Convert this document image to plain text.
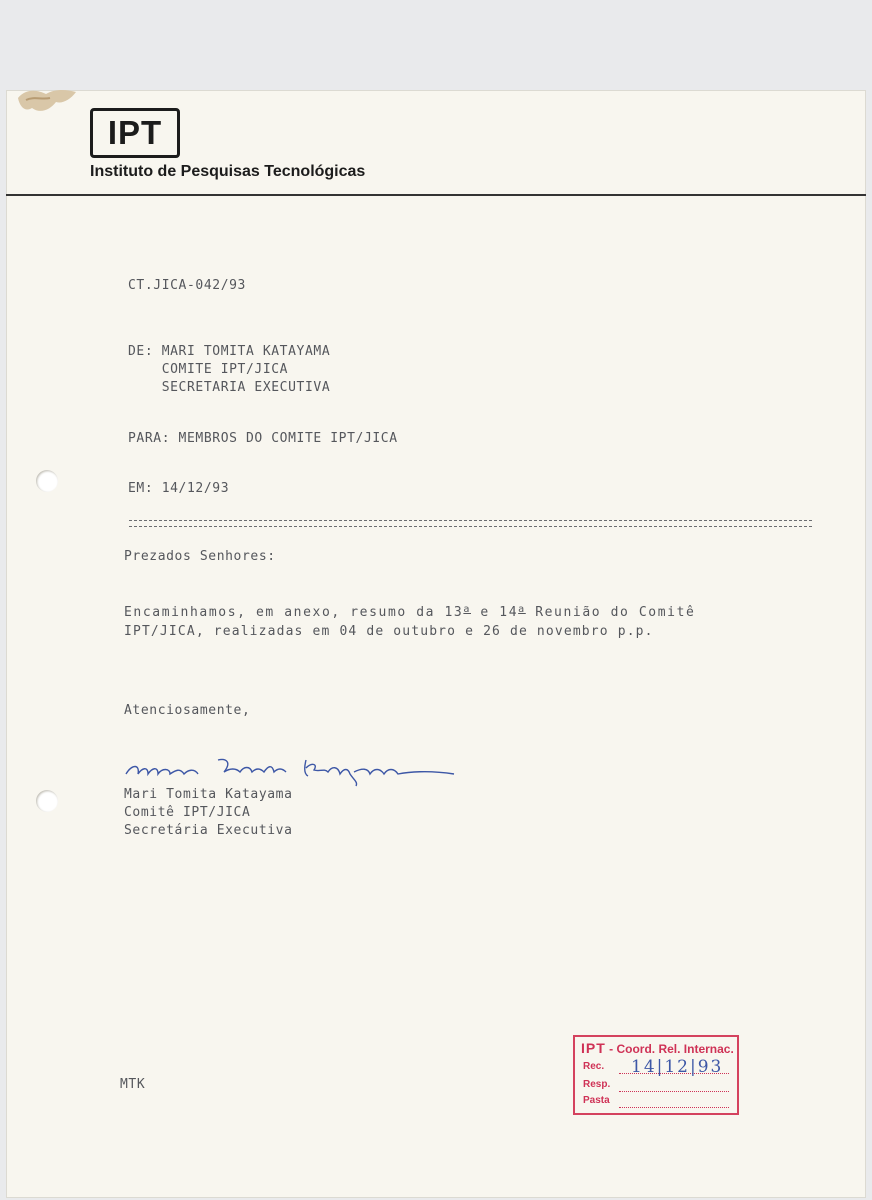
IPT
Instituto de Pesquisas Tecnológicas
CT.JICA-042/93
DE: MARI TOMITA KATAYAMA
COMITE IPT/JICA
SECRETARIA EXECUTIVA
PARA: MEMBROS DO COMITE IPT/JICA
EM: 14/12/93
Prezados Senhores:
Encaminhamos, em anexo, resumo da 13$^a$ e 14$^a$ Reunião do Comitê
IPT/JICA, realizadas em 04 de outubro e 26 de novembro p.p.
Atenciosamente,
Mari Tomita Katayama
Comitê IPT/JICA
Secretária Executiva
MTK
IPT - Coord. Rel. Internac.
Rec. 14|12|93
Resp.
Pasta
